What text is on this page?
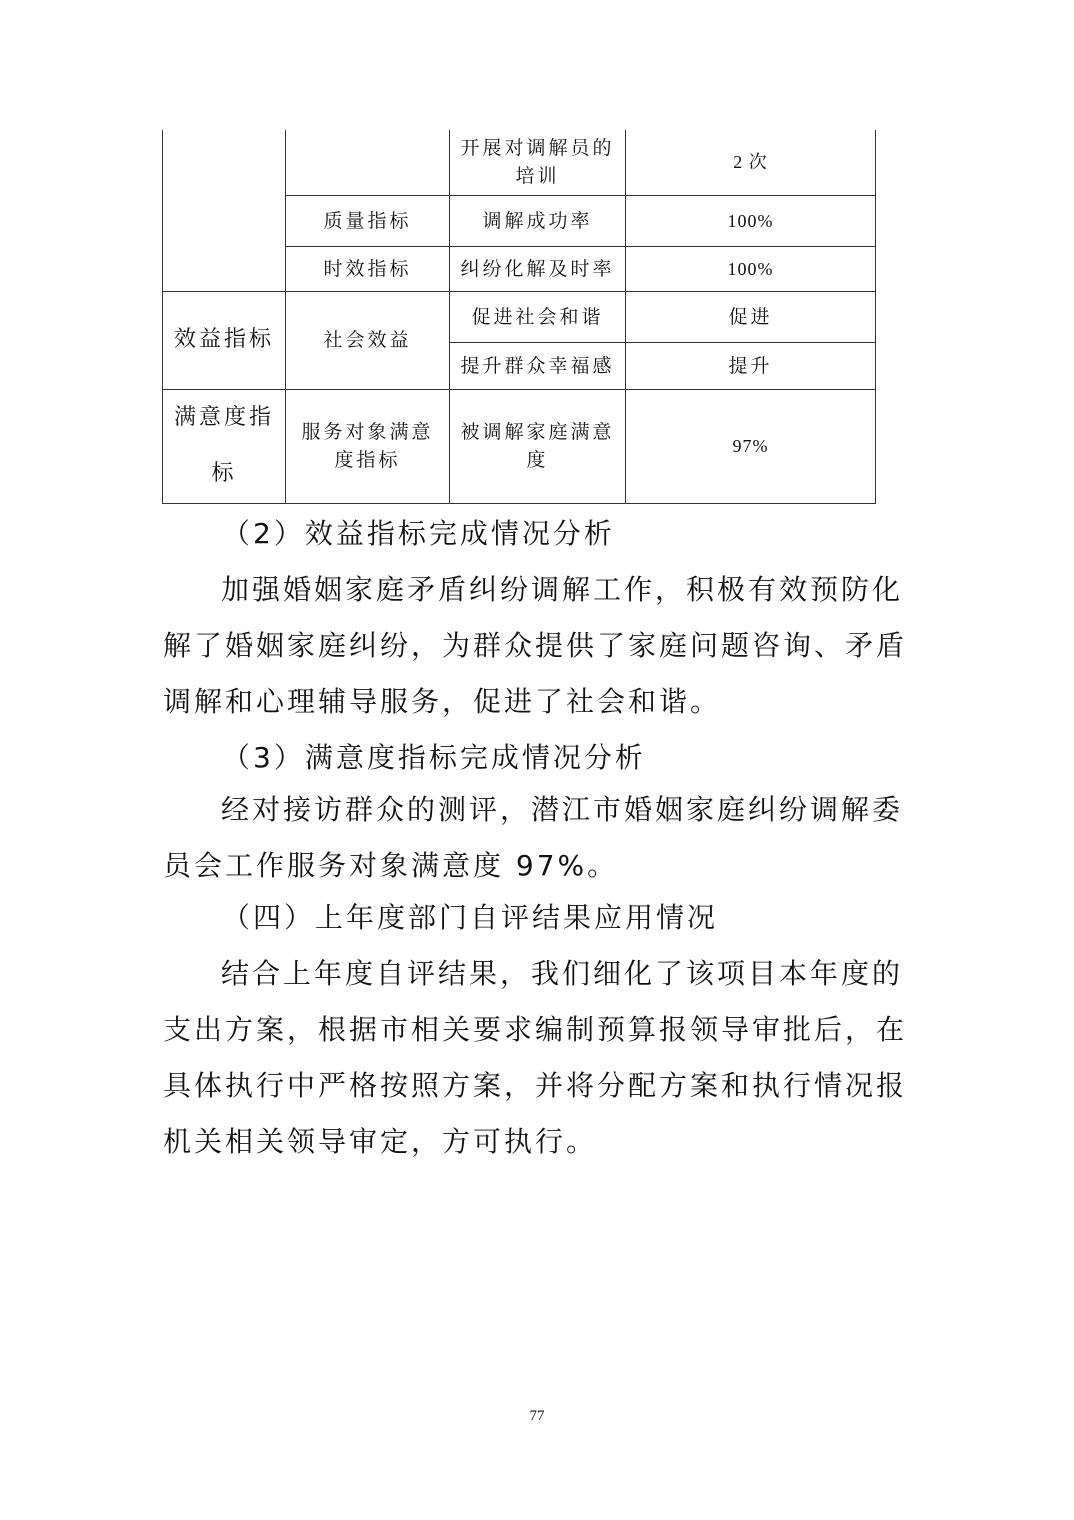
		开展对调解员的培训	2 次
	质量指标	调解成功率	100%
	时效指标	纠纷化解及时率	100%
效益指标	社会效益	促进社会和谐	促进
		提升群众幸福感	提升
满意度指标	服务对象满意度指标	被调解家庭满意度	97%

（2）效益指标完成情况分析

加强婚姻家庭矛盾纠纷调解工作，积极有效预防化解了婚姻家庭纠纷，为群众提供了家庭问题咨询、矛盾调解和心理辅导服务，促进了社会和谐。

（3）满意度指标完成情况分析

经对接访群众的测评，潜江市婚姻家庭纠纷调解委员会工作服务对象满意度 97%。

（四）上年度部门自评结果应用情况

结合上年度自评结果，我们细化了该项目本年度的支出方案，根据市相关要求编制预算报领导审批后，在具体执行中严格按照方案，并将分配方案和执行情况报机关相关领导审定，方可执行。

77
